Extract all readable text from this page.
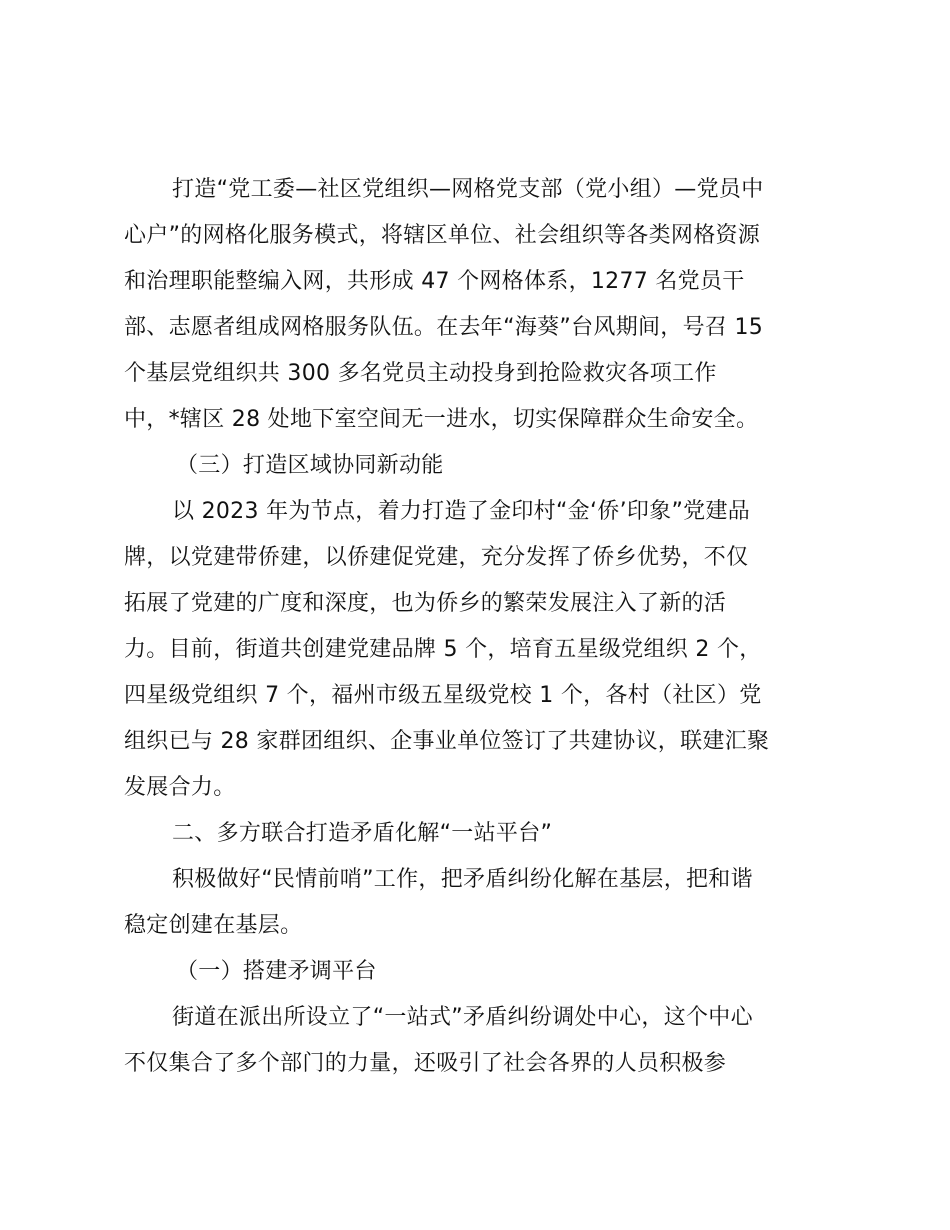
打造“党工委—社区党组织—网格党支部（党小组）—党员中
心户”的网格化服务模式，将辖区单位、社会组织等各类网格资源
和治理职能整编入网，共形成 47 个网格体系，1277 名党员干
部、志愿者组成网格服务队伍。在去年“海葵”台风期间，号召 15
个基层党组织共 300 多名党员主动投身到抢险救灾各项工作
中，*辖区 28 处地下室空间无一进水，切实保障群众生命安全。
（三）打造区域协同新动能
以 2023 年为节点，着力打造了金印村“金‘侨’印象”党建品
牌，以党建带侨建，以侨建促党建，充分发挥了侨乡优势，不仅
拓展了党建的广度和深度，也为侨乡的繁荣发展注入了新的活
力。目前，街道共创建党建品牌 5 个，培育五星级党组织 2 个，
四星级党组织 7 个，福州市级五星级党校 1 个，各村（社区）党
组织已与 28 家群团组织、企事业单位签订了共建协议，联建汇聚
发展合力。
二、多方联合打造矛盾化解“一站平台”
积极做好“民情前哨”工作，把矛盾纠纷化解在基层，把和谐
稳定创建在基层。
（一）搭建矛调平台
街道在派出所设立了“一站式”矛盾纠纷调处中心，这个中心
不仅集合了多个部门的力量，还吸引了社会各界的人员积极参
